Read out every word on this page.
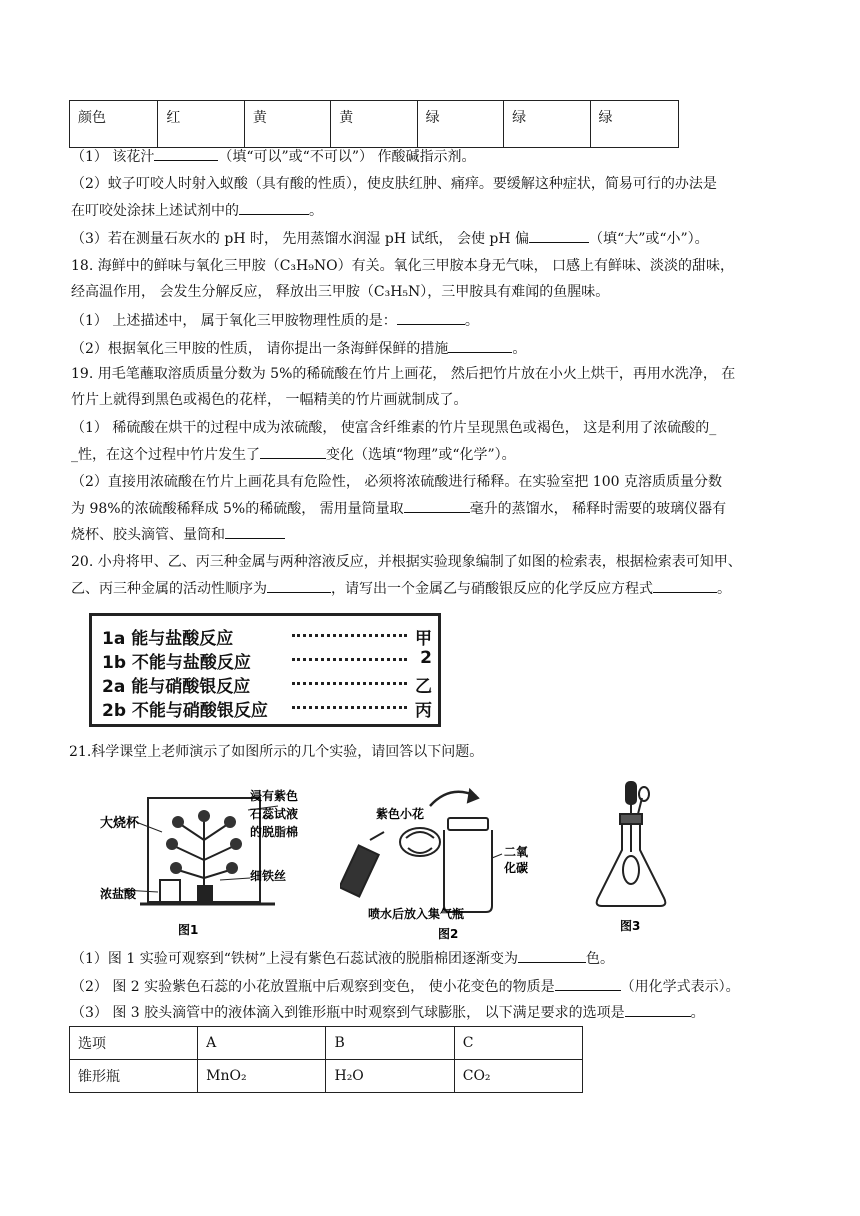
颜色	红	黄	黄	绿	绿	绿
（1） 该花汁	（填“可以”或“不可以”） 作酸碱指示剂。
（2）蚊子叮咬人时射入蚁酸（具有酸的性质），使皮肤红肿、痛痒。要缓解这种症状，简易可行的办法是
在叮咬处涂抹上述试剂中的	。
（3）若在测量石灰水的 pH 时， 先用蒸馏水润湿 pH 试纸， 会使 pH 偏	（填“大”或“小”）。
18. 海鲜中的鲜味与氧化三甲胺（C₃H₉NO）有关。氧化三甲胺本身无气味， 口感上有鲜味、淡淡的甜味，
经高温作用， 会发生分解反应， 释放出三甲胺（C₃H₅N），三甲胺具有难闻的鱼腥味。
（1） 上述描述中， 属于氧化三甲胺物理性质的是：	。
（2）根据氧化三甲胺的性质， 请你提出一条海鲜保鲜的措施	。
19. 用毛笔蘸取溶质质量分数为 5%的稀硫酸在竹片上画花， 然后把竹片放在小火上烘干，再用水洗净， 在
竹片上就得到黑色或褐色的花样， 一幅精美的竹片画就制成了。
（1） 稀硫酸在烘干的过程中成为浓硫酸， 使富含纤维素的竹片呈现黑色或褐色， 这是利用了浓硫酸的_
_性，在这个过程中竹片发生了	变化（选填“物理”或“化学”）。
（2）直接用浓硫酸在竹片上画花具有危险性， 必须将浓硫酸进行稀释。在实验室把 100 克溶质质量分数
为 98%的浓硫酸稀释成 5%的稀硫酸， 需用量筒量取	毫升的蒸馏水， 稀释时需要的玻璃仪器有
烧杯、胶头滴管、量筒和
20. 小舟将甲、乙、丙三种金属与两种溶液反应，并根据实验现象编制了如图的检索表，根据检索表可知甲、
乙、丙三种金属的活动性顺序为	，请写出一个金属乙与硝酸银反应的化学反应方程式	。
1a 能与盐酸反应	甲
1b 不能与盐酸反应	2
2a 能与硝酸银反应	乙
2b 不能与硝酸银反应	丙
21.科学课堂上老师演示了如图所示的几个实验，请回答以下问题。
大烧杯
浸有紫色
石蕊试液
的脱脂棉
细铁丝
浓盐酸
图1
紫色小花
二氧
化碳
喷水后放入集气瓶
图2
图3
（1）图 1 实验可观察到“铁树”上浸有紫色石蕊试液的脱脂棉团逐渐变为	色。
（2） 图 2 实验紫色石蕊的小花放置瓶中后观察到变色， 使小花变色的物质是	（用化学式表示）。
（3） 图 3 胶头滴管中的液体滴入到锥形瓶中时观察到气球膨胀， 以下满足要求的选项是	。
选项	A	B	C
锥形瓶	MnO₂	H₂O	CO₂
